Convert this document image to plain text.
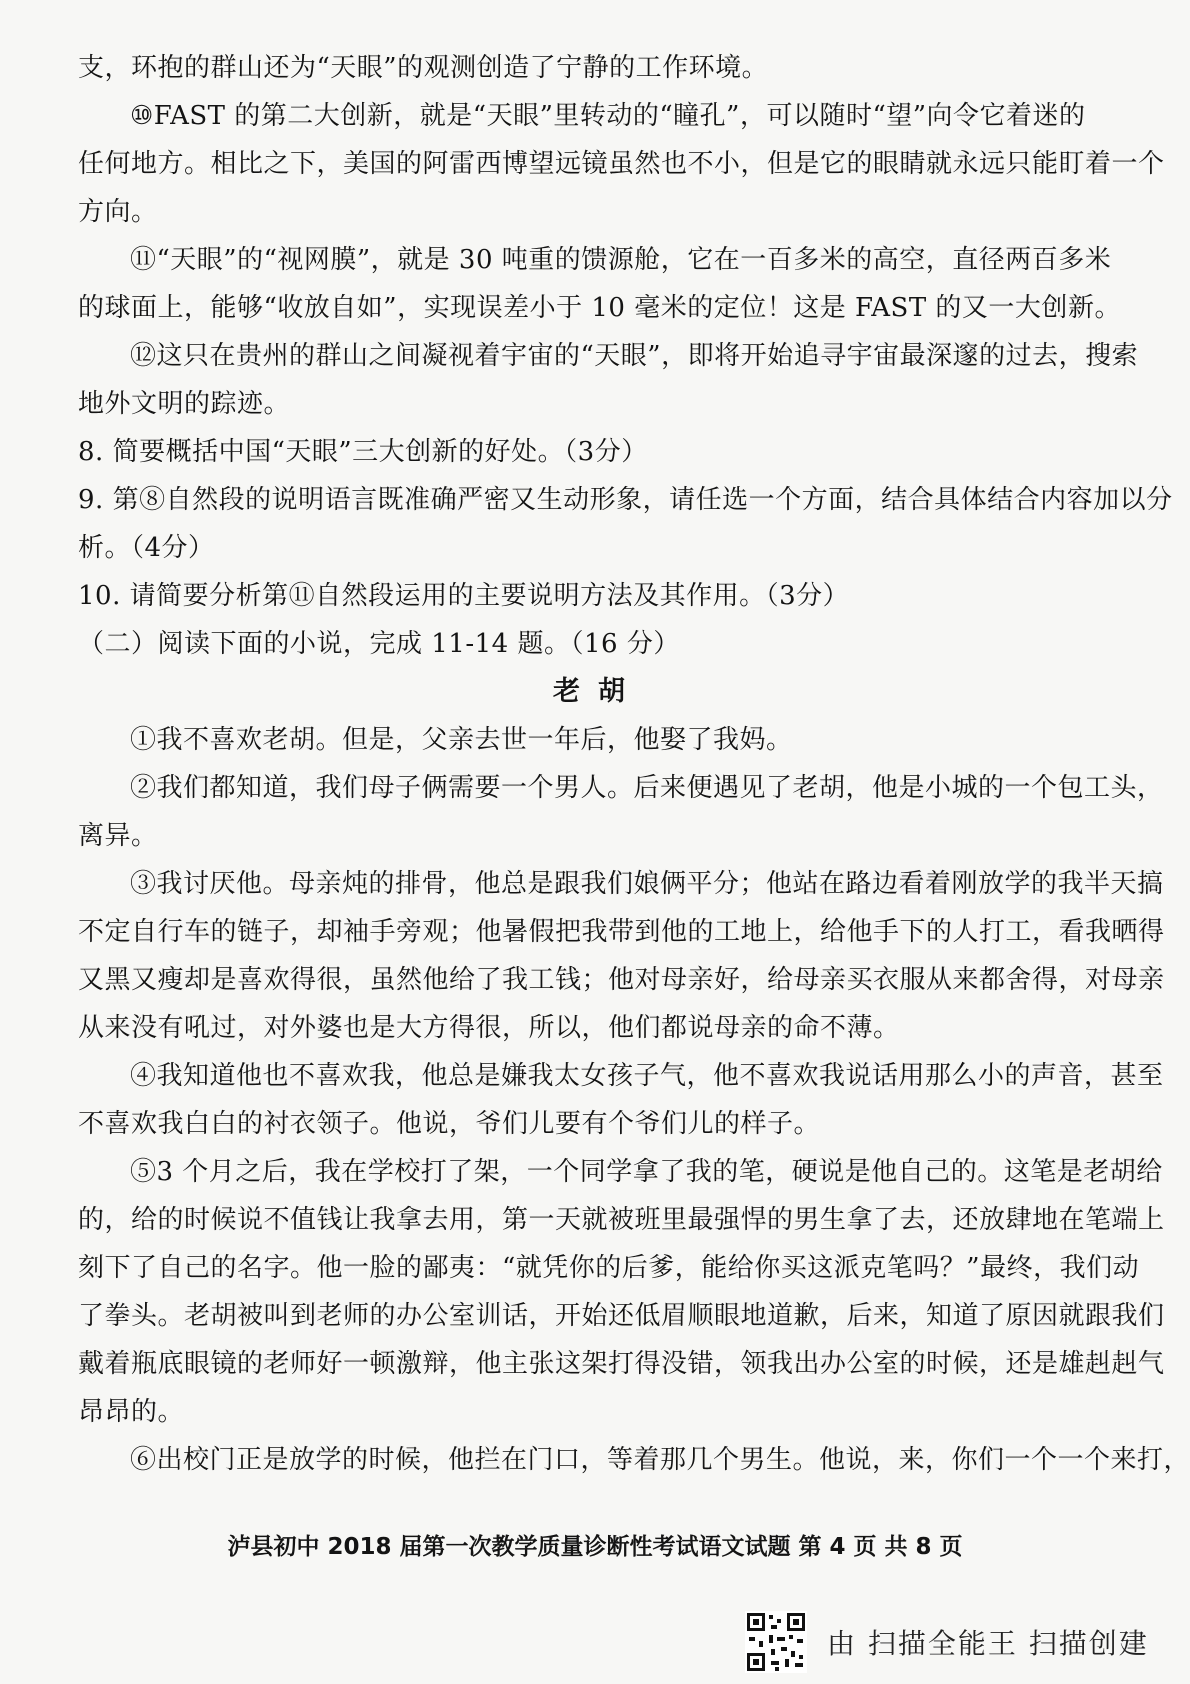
支，环抱的群山还为“天眼”的观测创造了宁静的工作环境。
⑩FAST 的第二大创新，就是“天眼”里转动的“瞳孔”，可以随时“望”向令它着迷的
任何地方。相比之下，美国的阿雷西博望远镜虽然也不小，但是它的眼睛就永远只能盯着一个
方向。
⑪“天眼”的“视网膜”，就是 30 吨重的馈源舱，它在一百多米的高空，直径两百多米
的球面上，能够“收放自如”，实现误差小于 10 毫米的定位！这是 FAST 的又一大创新。
⑫这只在贵州的群山之间凝视着宇宙的“天眼”，即将开始追寻宇宙最深邃的过去，搜索
地外文明的踪迹。
8. 简要概括中国“天眼”三大创新的好处。（3分）
9. 第⑧自然段的说明语言既准确严密又生动形象，请任选一个方面，结合具体结合内容加以分
析。（4分）
10. 请简要分析第⑪自然段运用的主要说明方法及其作用。（3分）
（二）阅读下面的小说，完成 11-14 题。（16 分）
老胡
①我不喜欢老胡。但是，父亲去世一年后，他娶了我妈。
②我们都知道，我们母子俩需要一个男人。后来便遇见了老胡，他是小城的一个包工头，
离异。
③我讨厌他。母亲炖的排骨，他总是跟我们娘俩平分；他站在路边看着刚放学的我半天搞
不定自行车的链子，却袖手旁观；他暑假把我带到他的工地上，给他手下的人打工，看我晒得
又黑又瘦却是喜欢得很，虽然他给了我工钱；他对母亲好，给母亲买衣服从来都舍得，对母亲
从来没有吼过，对外婆也是大方得很，所以，他们都说母亲的命不薄。
④我知道他也不喜欢我，他总是嫌我太女孩子气，他不喜欢我说话用那么小的声音，甚至
不喜欢我白白的衬衣领子。他说，爷们儿要有个爷们儿的样子。
⑤3 个月之后，我在学校打了架，一个同学拿了我的笔，硬说是他自己的。这笔是老胡给
的，给的时候说不值钱让我拿去用，第一天就被班里最强悍的男生拿了去，还放肆地在笔端上
刻下了自己的名字。他一脸的鄙夷：“就凭你的后爹，能给你买这派克笔吗？”最终，我们动
了拳头。老胡被叫到老师的办公室训话，开始还低眉顺眼地道歉，后来，知道了原因就跟我们
戴着瓶底眼镜的老师好一顿激辩，他主张这架打得没错，领我出办公室的时候，还是雄赳赳气
昂昂的。
⑥出校门正是放学的时候，他拦在门口，等着那几个男生。他说，来，你们一个一个来打，
泸县初中 2018 届第一次教学质量诊断性考试语文试题 第 4 页 共 8 页
由 扫描全能王 扫描创建
